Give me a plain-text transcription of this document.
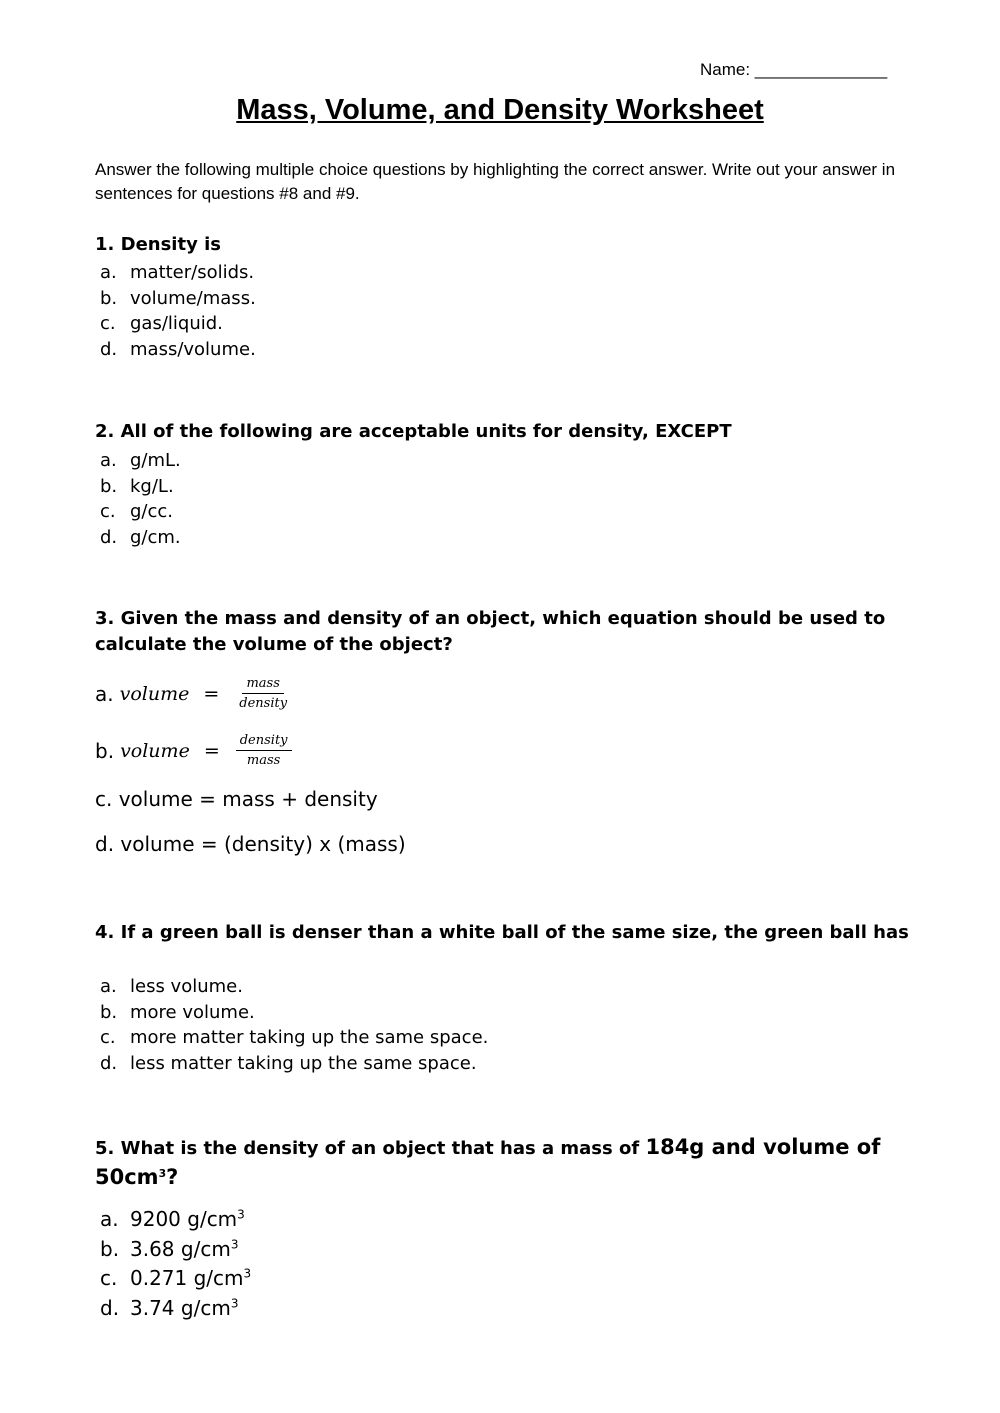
Name: ______________
Mass, Volume, and Density Worksheet
Answer the following multiple choice questions by highlighting the correct answer. Write out your answer in sentences for questions #8 and #9.
1. Density is
a. matter/solids.
b. volume/mass.
c. gas/liquid.
d. mass/volume.
2. All of the following are acceptable units for density, EXCEPT
a. g/mL.
b. kg/L.
c. g/cc.
d. g/cm.
3. Given the mass and density of an object, which equation should be used to calculate the volume of the object?
a. volume = $\frac{\text{mass}}{\text{density}}$
b. volume = $\frac{\text{density}}{\text{mass}}$
c. volume = mass + density
d. volume = (density) x (mass)
4. If a green ball is denser than a white ball of the same size, the green ball has
a. less volume.
b. more volume.
c. more matter taking up the same space.
d. less matter taking up the same space.
5. What is the density of an object that has a mass of 184g and volume of $50cm^3$?
a. 9200 $g/cm^3$
b. 3.68 $g/cm^3$
c. 0.271 $g/cm^3$
d. 3.74 $g/cm^3$
